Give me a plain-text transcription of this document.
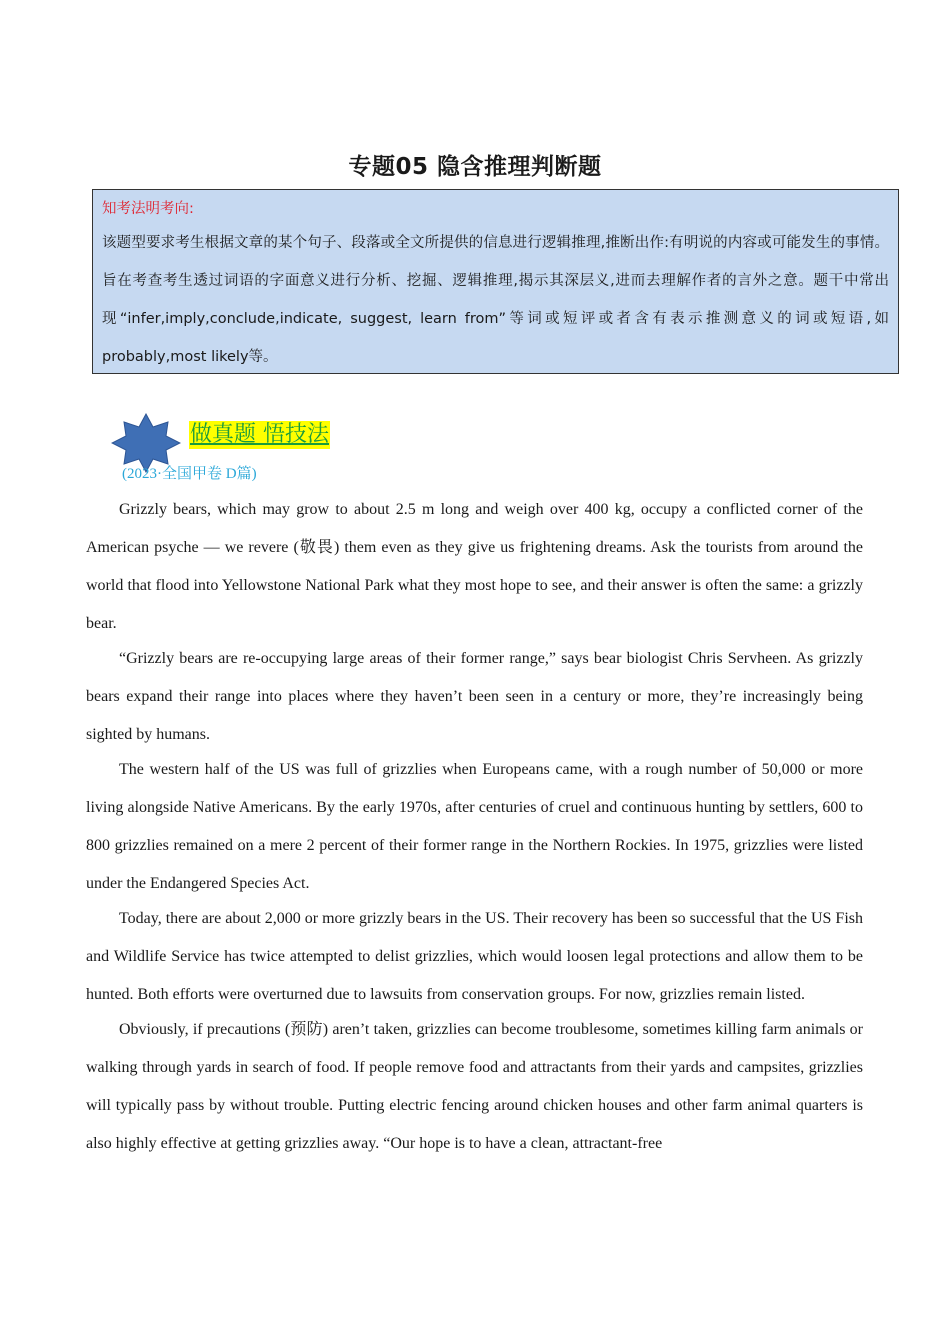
专题05 隐含推理判断题
知考法明考向:
该题型要求考生根据文章的某个句子、段落或全文所提供的信息进行逻辑推理,推断出作:有明说的内容或可能发生的事情。旨在考查考生透过词语的字面意义进行分析、挖掘、逻辑推理,揭示其深层义,进而去理解作者的言外之意。题干中常出现“infer,imply,conclude,indicate, suggest, learn from”等词或短评或者含有表示推测意义的词或短语,如probably,most likely等。
做真题 悟技法
(2023·全国甲卷 D篇)

Grizzly bears, which may grow to about 2.5 m long and weigh over 400 kg, occupy a conflicted corner of the American psyche — we revere (敬畏) them even as they give us frightening dreams. Ask the tourists from around the world that flood into Yellowstone National Park what they most hope to see, and their answer is often the same: a grizzly bear.

“Grizzly bears are re-occupying large areas of their former range,” says bear biologist Chris Servheen. As grizzly bears expand their range into places where they haven’t been seen in a century or more, they’re increasingly being sighted by humans.

The western half of the US was full of grizzlies when Europeans came, with a rough number of 50,000 or more living alongside Native Americans. By the early 1970s, after centuries of cruel and continuous hunting by settlers, 600 to 800 grizzlies remained on a mere 2 percent of their former range in the Northern Rockies. In 1975, grizzlies were listed under the Endangered Species Act.

Today, there are about 2,000 or more grizzly bears in the US. Their recovery has been so successful that the US Fish and Wildlife Service has twice attempted to delist grizzlies, which would loosen legal protections and allow them to be hunted. Both efforts were overturned due to lawsuits from conservation groups. For now, grizzlies remain listed.

Obviously, if precautions (预防) aren’t taken, grizzlies can become troublesome, sometimes killing farm animals or walking through yards in search of food. If people remove food and attractants from their yards and campsites, grizzlies will typically pass by without trouble. Putting electric fencing around chicken houses and other farm animal quarters is also highly effective at getting grizzlies away. “Our hope is to have a clean, attractant-free
